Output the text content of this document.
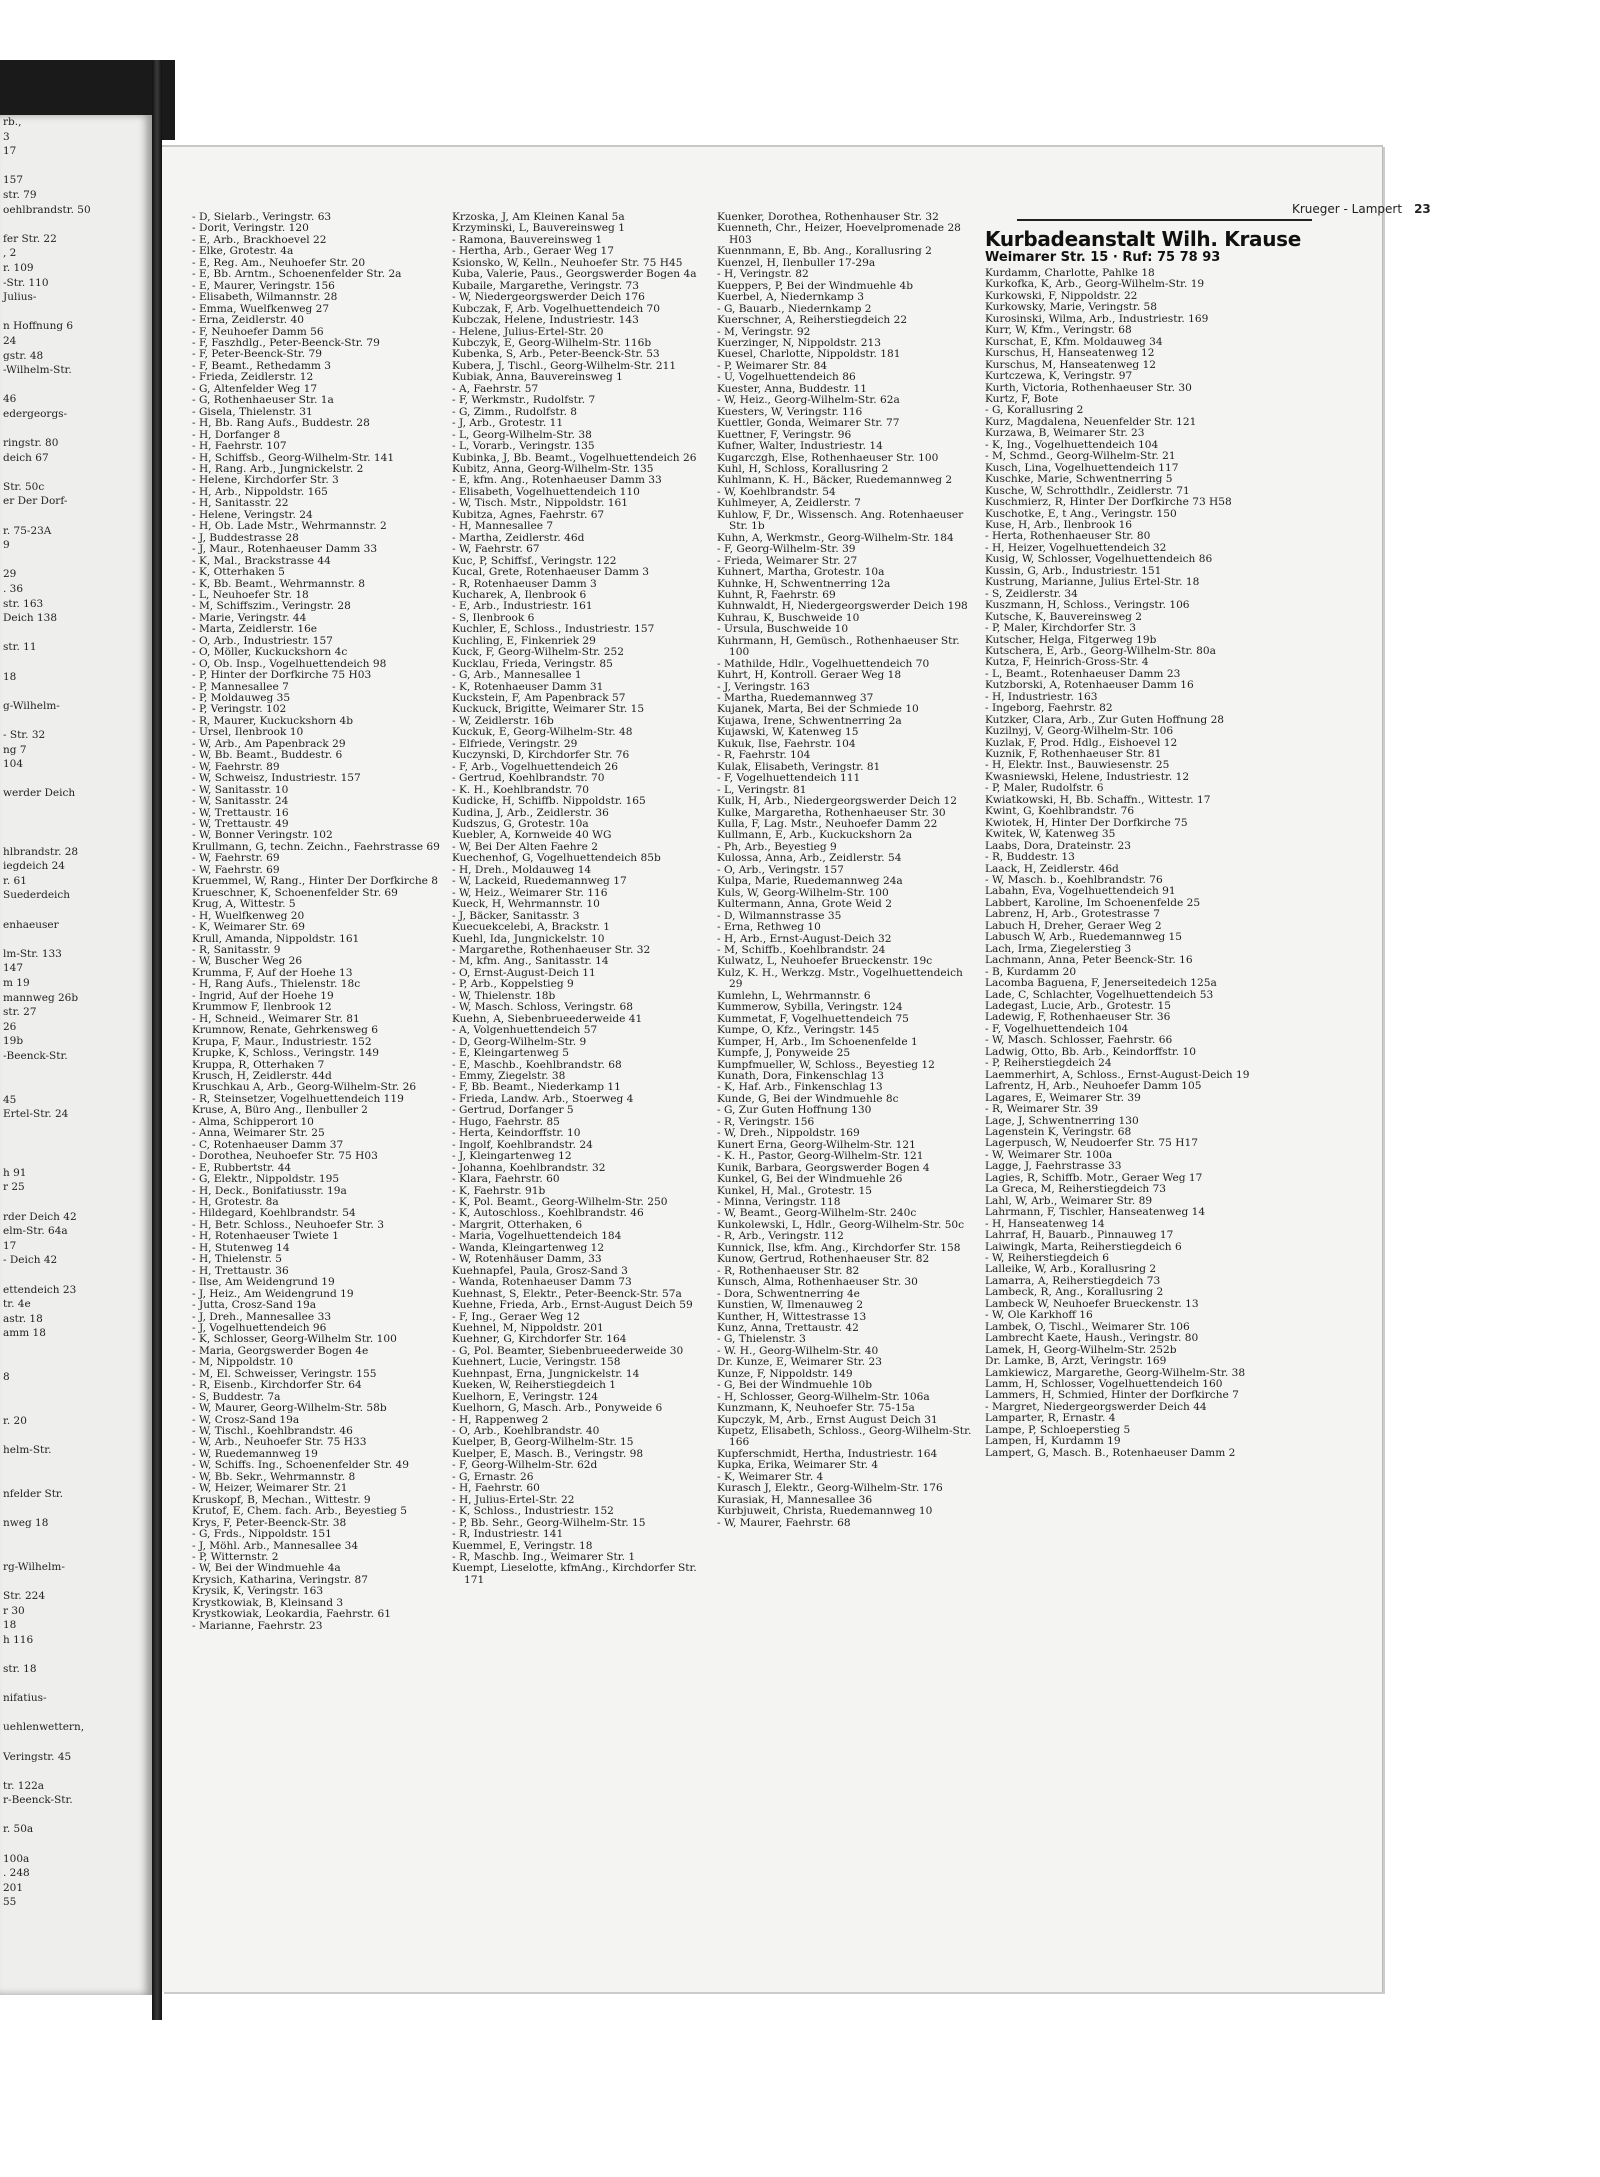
rb.,
3
17

157
str. 79
oehlbrandstr. 50

fer Str. 22
, 2
r. 109
-Str. 110
Julius-

n Hoffnung 6
24
gstr. 48
-Wilhelm-Str.

46
edergeorgs-

ringstr. 80
deich 67

Str. 50c
er Der Dorf-

r. 75-23A
9

29
. 36
str. 163
Deich 138

str. 11

18

g-Wilhelm-

- Str. 32
ng 7
104

werder Deich

hlbrandstr. 28
iegdeich 24
r. 61
Suederdeich

enhaeuser

lm-Str. 133
147
m 19
mannweg 26b
str. 27
26
19b
-Beenck-Str.

45
Ertel-Str. 24

h 91
r 25

rder Deich 42
elm-Str. 64a
17
- Deich 42

ettendeich 23
tr. 4e
astr. 18
amm 18

8

r. 20

helm-Str.

nfelder Str.

nweg 18

rg-Wilhelm-

Str. 224
r 30
18
h 116

str. 18

nifatius-

uehlenwettern,

Veringstr. 45

tr. 122a
r-Beenck-Str.

r. 50a

100a
. 248
201
55
Krueger - Lampert 23
- D, Sielarb., Veringstr. 63
- Dorit, Veringstr. 120
- E, Arb., Brackhoevel 22
- Elke, Grotestr. 4a
- E, Reg. Am., Neuhoefer Str. 20
- E, Bb. Arntm., Schoenenfelder Str. 2a
- E, Maurer, Veringstr. 156
- Elisabeth, Wilmannstr. 28
- Emma, Wuelfkenweg 27
- Erna, Zeidlerstr. 40
- F, Neuhoefer Damm 56
- F, Faszhdlg., Peter-Beenck-Str. 79
- F, Peter-Beenck-Str. 79
- F, Beamt., Rethedamm 3
- Frieda, Zeidlerstr. 12
- G, Altenfelder Weg 17
- G, Rothenhaeuser Str. 1a
- Gisela, Thielenstr. 31
- H, Bb. Rang Aufs., Buddestr. 28
- H, Dorfanger 8
- H, Faehrstr. 107
- H, Schiffsb., Georg-Wilhelm-Str. 141
- H, Rang. Arb., Jungnickelstr. 2
- Helene, Kirchdorfer Str. 3
- H, Arb., Nippoldstr. 165
- H, Sanitasstr. 22
- Helene, Veringstr. 24
- H, Ob. Lade Mstr., Wehrmannstr. 2
- J, Buddestrasse 28
- J, Maur., Rotenhaeuser Damm 33
- K, Mal., Brackstrasse 44
- K, Otterhaken 5
- K, Bb. Beamt., Wehrmannstr. 8
- L, Neuhoefer Str. 18
- M, Schiffszim., Veringstr. 28
- Marie, Veringstr. 44
- Marta, Zeidlerstr. 16e
- O, Arb., Industriestr. 157
- O, Möller, Kuckuckshorn 4c
- O, Ob. Insp., Vogelhuettendeich 98
- P, Hinter der Dorfkirche 75 H03
- P, Mannesallee 7
- P, Moldauweg 35
- P, Veringstr. 102
- R, Maurer, Kuckuckshorn 4b
- Ursel, Ilenbrook 10
- W, Arb., Am Papenbrack 29
- W, Bb. Beamt., Buddestr. 6
- W, Faehrstr. 89
- W, Schweisz, Industriestr. 157
- W, Sanitasstr. 10
- W, Sanitasstr. 24
- W, Trettaustr. 16
- W, Trettaustr. 49
- W, Bonner Veringstr. 102
Krullmann, G, techn. Zeichn., Faehrstrasse 69
- W, Faehrstr. 69
- W, Faehrstr. 69
Kruemmel, W, Rang., Hinter Der Dorfkirche 8
Krueschner, K, Schoenenfelder Str. 69
Krug, A, Wittestr. 5
- H, Wuelfkenweg 20
- K, Weimarer Str. 69
Krull, Amanda, Nippoldstr. 161
- R, Sanitasstr. 9
- W, Buscher Weg 26
Krumma, F, Auf der Hoehe 13
- H, Rang Aufs., Thielenstr. 18c
- Ingrid, Auf der Hoehe 19
Krummow F, Ilenbrook 12
- H, Schneid., Weimarer Str. 81
Krumnow, Renate, Gehrkensweg 6
Krupa, F, Maur., Industriestr. 152
Krupke, K, Schloss., Veringstr. 149
Kruppa, R, Otterhaken 7
Krusch, H, Zeidlerstr. 44d
Kruschkau A, Arb., Georg-Wilhelm-Str. 26
- R, Steinsetzer, Vogelhuettendeich 119
Kruse, A, Büro Ang., Ilenbuller 2
- Alma, Schipperort 10
- Anna, Weimarer Str. 25
- C, Rotenhaeuser Damm 37
- Dorothea, Neuhoefer Str. 75 H03
- E, Rubbertstr. 44
- G, Elektr., Nippoldstr. 195
- H, Deck., Bonifatiusstr. 19a
- H, Grotestr. 8a
- Hildegard, Koehlbrandstr. 54
- H, Betr. Schloss., Neuhoefer Str. 3
- H, Rotenhaeuser Twiete 1
- H, Stutenweg 14
- H, Thielenstr. 5
- H, Trettaustr. 36
- Ilse, Am Weidengrund 19
- J, Heiz., Am Weidengrund 19
- Jutta, Crosz-Sand 19a
- J, Dreh., Mannesallee 33
- J, Vogelhuettendeich 96
- K, Schlosser, Georg-Wilhelm Str. 100
- Maria, Georgswerder Bogen 4e
- M, Nippoldstr. 10
- M, El. Schweisser, Veringstr. 155
- R, Eisenb., Kirchdorfer Str. 64
- S, Buddestr. 7a
- W, Maurer, Georg-Wilhelm-Str. 58b
- W, Crosz-Sand 19a
- W, Tischl., Koehlbrandstr. 46
- W, Arb., Neuhoefer Str. 75 H33
- W, Ruedemannweg 19
- W, Schiffs. Ing., Schoenenfelder Str. 49
- W, Bb. Sekr., Wehrmannstr. 8
- W, Heizer, Weimarer Str. 21
Kruskopf, B, Mechan., Wittestr. 9
Krutof, E, Chem. fach. Arb., Beyestieg 5
Krys, F, Peter-Beenck-Str. 38
- G, Frds., Nippoldstr. 151
- J, Möhl. Arb., Mannesallee 34
- P, Witternstr. 2
- W, Bei der Windmuehle 4a
Krysich, Katharina, Veringstr. 87
Krysik, K, Veringstr. 163
Krystkowiak, B, Kleinsand 3
Krystkowiak, Leokardia, Faehrstr. 61
- Marianne, Faehrstr. 23
Krzoska, J, Am Kleinen Kanal 5a
Krzyminski, L, Bauvereinsweg 1
- Ramona, Bauvereinsweg 1
- Hertha, Arb., Geraer Weg 17
Ksionsko, W, Kelln., Neuhoefer Str. 75 H45
Kuba, Valerie, Paus., Georgswerder Bogen 4a
Kubaile, Margarethe, Veringstr. 73
- W, Niedergeorgswerder Deich 176
Kubczak, F, Arb. Vogelhuettendeich 70
Kubczak, Helene, Industriestr. 143
- Helene, Julius-Ertel-Str. 20
Kubczyk, E, Georg-Wilhelm-Str. 116b
Kubenka, S, Arb., Peter-Beenck-Str. 53
Kubera, J, Tischl., Georg-Wilhelm-Str. 211
Kubiak, Anna, Bauvereinsweg 1
- A, Faehrstr. 57
- F, Werkmstr., Rudolfstr. 7
- G, Zimm., Rudolfstr. 8
- J, Arb., Grotestr. 11
- L, Georg-Wilhelm-Str. 38
- L, Vorarb., Veringstr. 135
Kubinka, J, Bb. Beamt., Vogelhuettendeich 26
Kubitz, Anna, Georg-Wilhelm-Str. 135
- E, kfm. Ang., Rotenhaeuser Damm 33
- Elisabeth, Vogelhuettendeich 110
- W, Tisch. Mstr., Nippoldstr. 161
Kubitza, Agnes, Faehrstr. 67
- H, Mannesallee 7
- Martha, Zeidlerstr. 46d
- W, Faehrstr. 67
Kuc, P, Schiffsf., Veringstr. 122
Kucal, Grete, Rotenhaeuser Damm 3
- R, Rotenhaeuser Damm 3
Kucharek, A, Ilenbrook 6
- E, Arb., Industriestr. 161
- S, Ilenbrook 6
Kuchler, E, Schloss., Industriestr. 157
Kuchling, E, Finkenriek 29
Kuck, F, Georg-Wilhelm-Str. 252
Kucklau, Frieda, Veringstr. 85
- G, Arb., Mannesallee 1
- K, Rotenhaeuser Damm 31
Kuckstein, F, Am Papenbrack 57
Kuckuck, Brigitte, Weimarer Str. 15
- W, Zeidlerstr. 16b
Kuckuk, E, Georg-Wilhelm-Str. 48
- Elfriede, Veringstr. 29
Kuczynski, D, Kirchdorfer Str. 76
- F, Arb., Vogelhuettendeich 26
- Gertrud, Koehlbrandstr. 70
- K. H., Koehlbrandstr. 70
Kudicke, H, Schiffb. Nippoldstr. 165
Kudina, J, Arb., Zeidlerstr. 36
Kudszus, G, Grotestr. 10a
Kuebler, A, Kornweide 40 WG
- W, Bei Der Alten Faehre 2
Kuechenhof, G, Vogelhuettendeich 85b
- H, Dreh., Moldauweg 14
- W, Lackeid, Ruedemannweg 17
- W, Heiz., Weimarer Str. 116
Kueck, H, Wehrmannstr. 10
- J, Bäcker, Sanitasstr. 3
Kuecuekcelebi, A, Brackstr. 1
Kuehl, Ida, Jungnickelstr. 10
- Margarethe, Rothenhaeuser Str. 32
- M, kfm. Ang., Sanitasstr. 14
- O, Ernst-August-Deich 11
- P, Arb., Koppelstieg 9
- W, Thielenstr. 18b
- W, Masch. Schloss, Veringstr. 68
Kuehn, A, Siebenbrueederweide 41
- A, Volgenhuettendeich 57
- D, Georg-Wilhelm-Str. 9
- E, Kleingartenweg 5
- E, Maschb., Koehlbrandstr. 68
- Emmy, Ziegelstr. 38
- F, Bb. Beamt., Niederkamp 11
- Frieda, Landw. Arb., Stoerweg 4
- Gertrud, Dorfanger 5
- Hugo, Faehrstr. 85
- Herta, Keindorffstr. 10
- Ingolf, Koehlbrandstr. 24
- J, Kleingartenweg 12
- Johanna, Koehlbrandstr. 32
- Klara, Faehrstr. 60
- K, Faehrstr. 91b
- K, Pol. Beamt., Georg-Wilhelm-Str. 250
- K, Autoschloss., Koehlbrandstr. 46
- Margrit, Otterhaken, 6
- Maria, Vogelhuettendeich 184
- Wanda, Kleingartenweg 12
- W, Rotenhäuser Damm, 33
Kuehnapfel, Paula, Grosz-Sand 3
- Wanda, Rotenhaeuser Damm 73
Kuehnast, S, Elektr., Peter-Beenck-Str. 57a
Kuehne, Frieda, Arb., Ernst-August Deich 59
- F, Ing., Geraer Weg 12
Kuehnel, M, Nippoldstr. 201
Kuehner, G, Kirchdorfer Str. 164
- G, Pol. Beamter, Siebenbrueederweide 30
Kuehnert, Lucie, Veringstr. 158
Kuehnpast, Erna, Jungnickelstr. 14
Kueken, W, Reiherstiegdeich 1
Kuelhorn, E, Veringstr. 124
Kuelhorn, G, Masch. Arb., Ponyweide 6
- H, Rappenweg 2
- O, Arb., Koehlbrandstr. 40
Kuelper, B, Georg-Wilhelm-Str. 15
Kuelper, E, Masch. B., Veringstr. 98
- F, Georg-Wilhelm-Str. 62d
- G, Ernastr. 26
- H, Faehrstr. 60
- H, Julius-Ertel-Str. 22
- K, Schloss., Industriestr. 152
- P, Bb. Sehr., Georg-Wilhelm-Str. 15
- R, Industriestr. 141
Kuemmel, E, Veringstr. 18
- R, Maschb. Ing., Weimarer Str. 1
Kuempt, Lieselotte, kfmAng., Kirchdorfer Str. 171
Kuenker, Dorothea, Rothenhauser Str. 32
Kuenneth, Chr., Heizer, Hoevelpromenade 28 H03
Kuennmann, E, Bb. Ang., Korallusring 2
Kuenzel, H, Ilenbuller 17-29a
- H, Veringstr. 82
Kueppers, P, Bei der Windmuehle 4b
Kuerbel, A, Niedernkamp 3
- G, Bauarb., Niedernkamp 2
Kuerschner, A, Reiherstiegdeich 22
- M, Veringstr. 92
Kuerzinger, N, Nippoldstr. 213
Kuesel, Charlotte, Nippoldstr. 181
- P, Weimarer Str. 84
- U, Vogelhuettendeich 86
Kuester, Anna, Buddestr. 11
- W, Heiz., Georg-Wilhelm-Str. 62a
Kuesters, W, Veringstr. 116
Kuettler, Gonda, Weimarer Str. 77
Kuettner, F, Veringstr. 96
Kufner, Walter, Industriestr. 14
Kugarczgh, Else, Rothenhaeuser Str. 100
Kuhl, H, Schloss, Korallusring 2
Kuhlmann, K. H., Bäcker, Ruedemannweg 2
- W, Koehlbrandstr. 54
Kuhlmeyer, A, Zeidlerstr. 7
Kuhlow, F, Dr., Wissensch. Ang. Rotenhaeuser Str. 1b
Kuhn, A, Werkmstr., Georg-Wilhelm-Str. 184
- F, Georg-Wilhelm-Str. 39
- Frieda, Weimarer Str. 27
Kuhnert, Martha, Grotestr. 10a
Kuhnke, H, Schwentnerring 12a
Kuhnt, R, Faehrstr. 69
Kuhnwaldt, H, Niedergeorgswerder Deich 198
Kuhrau, K, Buschweide 10
- Ursula, Buschweide 10
Kuhrmann, H, Gemüsch., Rothenhaeuser Str. 100
- Mathilde, Hdlr., Vogelhuettendeich 70
Kuhrt, H, Kontroll. Geraer Weg 18
- J, Veringstr. 163
- Martha, Ruedemannweg 37
Kujanek, Marta, Bei der Schmiede 10
Kujawa, Irene, Schwentnerring 2a
Kujawski, W, Katenweg 15
Kukuk, Ilse, Faehrstr. 104
- R, Faehrstr. 104
Kulak, Elisabeth, Veringstr. 81
- F, Vogelhuettendeich 111
- L, Veringstr. 81
Kulk, H, Arb., Niedergeorgswerder Deich 12
Kulke, Margaretha, Rothenhaeuser Str. 30
Kulla, F, Lag. Mstr., Neuhoefer Damm 22
Kullmann, E, Arb., Kuckuckshorn 2a
- Ph, Arb., Beyestieg 9
Kulossa, Anna, Arb., Zeidlerstr. 54
- O, Arb., Veringstr. 157
Kulpa, Marie, Ruedemannweg 24a
Kuls, W, Georg-Wilhelm-Str. 100
Kultermann, Anna, Grote Weid 2
- D, Wilmannstrasse 35
- Erna, Rethweg 10
- H, Arb., Ernst-August-Deich 32
- M, Schiffb., Koehlbrandstr. 24
Kulwatz, L, Neuhoefer Brueckenstr. 19c
Kulz, K. H., Werkzg. Mstr., Vogelhuettendeich 29
Kumlehn, L, Wehrmannstr. 6
Kummerow, Sybilla, Veringstr. 124
Kummetat, F, Vogelhuettendeich 75
Kumpe, O, Kfz., Veringstr. 145
Kumper, H, Arb., Im Schoenenfelde 1
Kumpfe, J, Ponyweide 25
Kumpfmueller, W, Schloss., Beyestieg 12
Kunath, Dora, Finkenschlag 13
- K, Haf. Arb., Finkenschlag 13
Kunde, G, Bei der Windmuehle 8c
- G, Zur Guten Hoffnung 130
- R, Veringstr. 156
- W, Dreh., Nippoldstr. 169
Kunert Erna, Georg-Wilhelm-Str. 121
- K. H., Pastor, Georg-Wilhelm-Str. 121
Kunik, Barbara, Georgswerder Bogen 4
Kunkel, G, Bei der Windmuehle 26
Kunkel, H, Mal., Grotestr. 15
- Minna, Veringstr. 118
- W, Beamt., Georg-Wilhelm-Str. 240c
Kunkolewski, L, Hdlr., Georg-Wilhelm-Str. 50c
- R, Arb., Veringstr. 112
Kunnick, Ilse, kfm. Ang., Kirchdorfer Str. 158
Kunow, Gertrud, Rothenhaeuser Str. 82
- R, Rothenhaeuser Str. 82
Kunsch, Alma, Rothenhaeuser Str. 30
- Dora, Schwentnerring 4e
Kunstien, W, Ilmenauweg 2
Kunther, H, Wittestrasse 13
Kunz, Anna, Trettaustr. 42
- G, Thielenstr. 3
- W. H., Georg-Wilhelm-Str. 40
Dr. Kunze, E, Weimarer Str. 23
Kunze, F, Nippoldstr. 149
- G, Bei der Windmuehle 10b
- H, Schlosser, Georg-Wilhelm-Str. 106a
Kunzmann, K, Neuhoefer Str. 75-15a
Kupczyk, M, Arb., Ernst August Deich 31
Kupetz, Elisabeth, Schloss., Georg-Wilhelm-Str. 166
Kupferschmidt, Hertha, Industriestr. 164
Kupka, Erika, Weimarer Str. 4
- K, Weimarer Str. 4
Kurasch J, Elektr., Georg-Wilhelm-Str. 176
Kurasiak, H, Mannesallee 36
Kurbjuweit, Christa, Ruedemannweg 10
- W, Maurer, Faehrstr. 68
Kurbadeanstalt Wilh. Krause
Weimarer Str. 15 · Ruf: 75 78 93
Kurdamm, Charlotte, Pahlke 18
Kurkofka, K, Arb., Georg-Wilhelm-Str. 19
Kurkowski, F, Nippoldstr. 22
Kurkowsky, Marie, Veringstr. 58
Kurosinski, Wilma, Arb., Industriestr. 169
Kurr, W, Kfm., Veringstr. 68
Kurschat, E, Kfm. Moldauweg 34
Kurschus, H, Hanseatenweg 12
Kurschus, M, Hanseatenweg 12
Kurtczewa, K, Veringstr. 97
Kurth, Victoria, Rothenhaeuser Str. 30
Kurtz, F, Bote
- G, Korallusring 2
Kurz, Magdalena, Neuenfelder Str. 121
Kurzawa, B, Weimarer Str. 23
- K, Ing., Vogelhuettendeich 104
- M, Schmd., Georg-Wilhelm-Str. 21
Kusch, Lina, Vogelhuettendeich 117
Kuschke, Marie, Schwentnerring 5
Kusche, W, Schrotthdlr., Zeidlerstr. 71
Kuschmierz, R, Hinter Der Dorfkirche 73 H58
Kuschotke, E, t Ang., Veringstr. 150
Kuse, H, Arb., Ilenbrook 16
- Herta, Rothenhaeuser Str. 80
- H, Heizer, Vogelhuettendeich 32
Kusig, W, Schlosser, Vogelhuettendeich 86
Kussin, G, Arb., Industriestr. 151
Kustrung, Marianne, Julius Ertel-Str. 18
- S, Zeidlerstr. 34
Kuszmann, H, Schloss., Veringstr. 106
Kutsche, K, Bauvereinsweg 2
- P, Maler, Kirchdorfer Str. 3
Kutscher, Helga, Fitgerweg 19b
Kutschera, E, Arb., Georg-Wilhelm-Str. 80a
Kutza, F, Heinrich-Gross-Str. 4
- L, Beamt., Rotenhaeuser Damm 23
Kutzborski, A, Rotenhaeuser Damm 16
- H, Industriestr. 163
- Ingeborg, Faehrstr. 82
Kutzker, Clara, Arb., Zur Guten Hoffnung 28
Kuzilnyj, V, Georg-Wilhelm-Str. 106
Kuzlak, F, Prod. Hdlg., Eishoevel 12
Kuznik, F, Rothenhaeuser Str. 81
- H, Elektr. Inst., Bauwiesenstr. 25
Kwasniewski, Helene, Industriestr. 12
- P, Maler, Rudolfstr. 6
Kwiatkowski, H, Bb. Schaffn., Wittestr. 17
Kwint, G, Koehlbrandstr. 76
Kwiotek, H, Hinter Der Dorfkirche 75
Kwitek, W, Katenweg 35
Laabs, Dora, Drateinstr. 23
- R, Buddestr. 13
Laack, H, Zeidlerstr. 46d
- W, Masch. b., Koehlbrandstr. 76
Labahn, Eva, Vogelhuettendeich 91
Labbert, Karoline, Im Schoenenfelde 25
Labrenz, H, Arb., Grotestrasse 7
Labuch H, Dreher, Geraer Weg 2
Labusch W, Arb., Ruedemannweg 15
Lach, Irma, Ziegelerstieg 3
Lachmann, Anna, Peter Beenck-Str. 16
- B, Kurdamm 20
Lacomba Baguena, F, Jenerseitedeich 125a
Lade, C, Schlachter, Vogelhuettendeich 53
Ladegast, Lucie, Arb., Grotestr. 15
Ladewig, F, Rothenhaeuser Str. 36
- F, Vogelhuettendeich 104
- W, Masch. Schlosser, Faehrstr. 66
Ladwig, Otto, Bb. Arb., Keindorffstr. 10
- P, Reiherstiegdeich 24
Laemmerhirt, A, Schloss., Ernst-August-Deich 19
Lafrentz, H, Arb., Neuhoefer Damm 105
Lagares, E, Weimarer Str. 39
- R, Weimarer Str. 39
Lage, J, Schwentnerring 130
Lagenstein K, Veringstr. 68
Lagerpusch, W, Neudoerfer Str. 75 H17
- W, Weimarer Str. 100a
Lagge, J, Faehrstrasse 33
Lagies, R, Schiffb. Motr., Geraer Weg 17
La Greca, M, Reiherstiegdeich 73
Lahl, W, Arb., Weimarer Str. 89
Lahrmann, F, Tischler, Hanseatenweg 14
- H, Hanseatenweg 14
Lahrraf, H, Bauarb., Pinnauweg 17
Laiwingk, Marta, Reiherstiegdeich 6
- W, Reiherstiegdeich 6
Lalleike, W, Arb., Korallusring 2
Lamarra, A, Reiherstiegdeich 73
Lambeck, R, Ang., Korallusring 2
Lambeck W, Neuhoefer Brueckenstr. 13
- W, Ole Karkhoff 16
Lambek, O, Tischl., Weimarer Str. 106
Lambrecht Kaete, Haush., Veringstr. 80
Lamek, H, Georg-Wilhelm-Str. 252b
Dr. Lamke, B, Arzt, Veringstr. 169
Lamkiewicz, Margarethe, Georg-Wilhelm-Str. 38
Lamm, H, Schlosser, Vogelhuettendeich 160
Lammers, H, Schmied, Hinter der Dorfkirche 7
- Margret, Niedergeorgswerder Deich 44
Lamparter, R, Ernastr. 4
Lampe, P, Schloeperstieg 5
Lampen, H, Kurdamm 19
Lampert, G, Masch. B., Rotenhaeuser Damm 2
